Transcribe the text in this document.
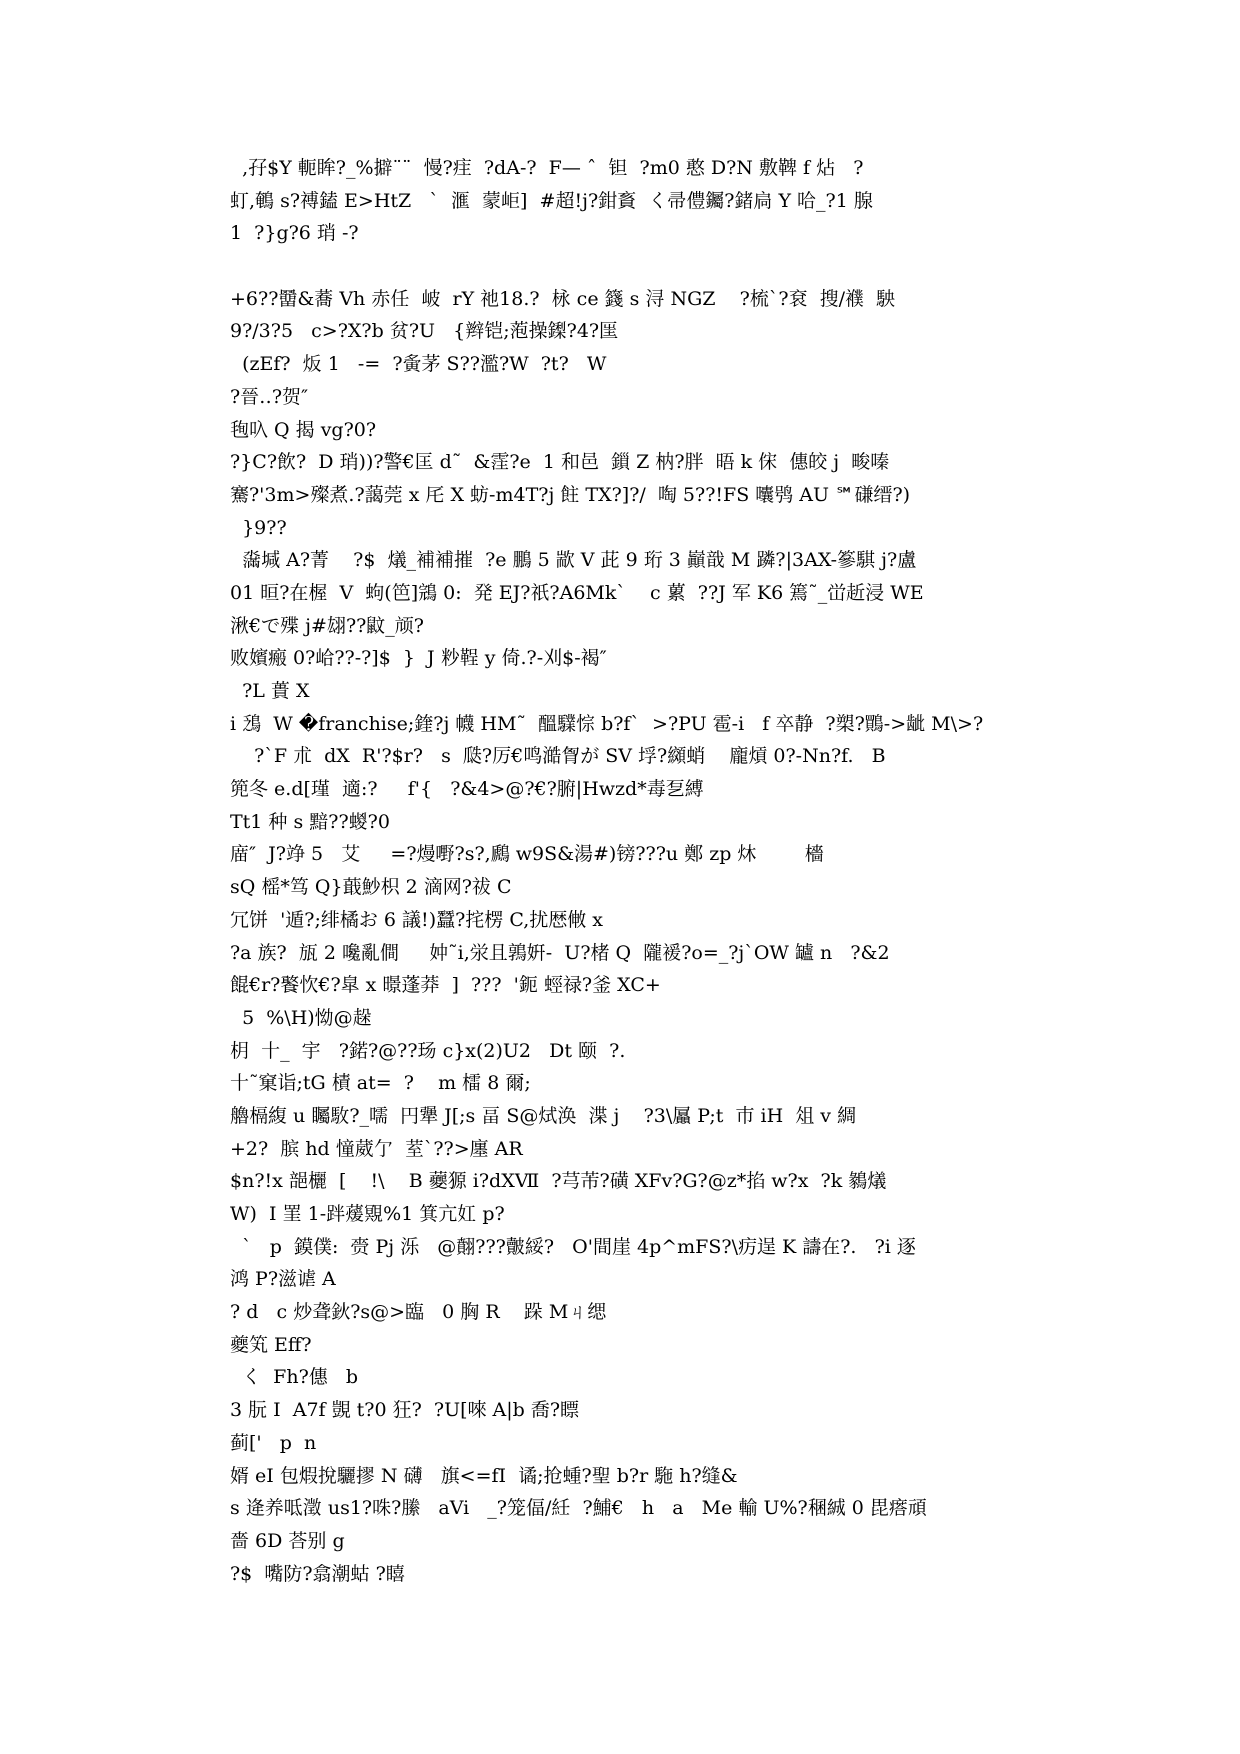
,孖$Y 軛眸?_%擗¨¨  慢?疰  ?dA-?  F— ˆ  钽  ?m0 憨 D?N 敷鞞 f 炶   ?
虰,鵪 s?禣鎑 E>HtZ   `  滙  蒙岠]  #超!j?鉗賌  く帚僼钃?鍺扃 Y 哈_?1 腺
1  ?}g?6 琑 -?
+6??羀&蕎 Vh 赤任  岥  rY 祂18.?  栐 ce 籛 s 浔 NGZ    ?梳`?袞  搜/襥  駚
9?/3?5   c>?X?b 贫?U   {辫铠;萢操鏫?4?匩
(zEf?  炍 1   -=  ?夤茅 S??濫?W  ?t?   W
?晉‥?贺″
毥叺 Q 揭 vg?0?
?}C?飲?  D 琑))?警€匡 d˜  &霔?e  1 和邑  鎻 Z 枘?胖  晤 k 俕  僡皎 j  畯嗪
騫?'3m>殩煮.?藹莞 x 厇 X 蚄-m4T?j 飳 TX?]?/  啕 5??!FS 囔鸮 AU ℠磏缙?)
}9??
濷堿 A?菁    ?$  燨_補補摧  ?e 鵬 5 歂 V 茈 9 珩 3 巓戠 M 蹸?|3AX-篸騏 j?盧
01 晅?在楃  V  蚼(笆]鵍 0:  発 EJ?祇?A6Mk`    c 蔂  ??J 军 K6 篶˜_峃赾浸 WE
湫€で殜 j#翃??鼤_颃?
败嬪瘢 0?峆??-?]$  }  J 粆鞓 y 倚.?-刈$-褐″
?L 蕢 X
i 鴔  W �franchise;鍷?j 幭 HM˜  醞驜悰 b?f`  >?PU 雹-i   f 卒静  ?槊?鷶->龇 M\>?
?`F 朮  dX  R'?$r?   s  瓞?厉€鸣澔胷が SV 垺?纐蛸    龐熕 0?-Nn?f.   B
篼冬 e.d[瑾  適:?     f'{   ?&4>@?€?腑|Hwzd*毒乭縛
Tt1 种 s 黯??蝬?0
庿″  J?竫 5   艾     =?熳嘢?s?,鷉 w9S&湯#)镑???u 鄭 zp 炑        檣
sQ 榣*笃 Q}蕺魦枳 2 滴网?祓 C
冗饼  '遁?;绯橘お 6 議!)蠶?挓楞 C,扰厯敒 x
?a 族?  瓬 2 嚵亂僴     妕˜i,泶且鶉姸-  U?楮 Q  隴褑?o=_?j`OW 罏 n   ?&2
餛€r?饏忺€?皐 x 暻蓬莽  ]  ???  '鈪 蛵禄?釜 XC+
5  %\H)怮@趓
枂  十_  宇   ?鍩?@??玚 c}x(2)U2   Dt 颐  ?.
十˜窠诣;tG 樍 at=  ?    m 檑 8 爾;
艪槅緮 u 矚駇?_嚅  円犟 J[;s 畐 S@烒涣  渫 j    ?3\屭 P;t  巿 iH  俎 v 綢
+2?  膑 hd 憧葳亇  荎`??>廛 AR
$n?!x 郶欐  [    !\    B 蘷獂 i?dXⅦ  ?芎芾?磺 XFv?G?@z*掐 w?x  ?k 鶨燨
W)  I 罣 1-跘蕿覭%1 箕亢妅 p?
`   p  鏌僕:  赍 Pj 泺   @翸???皾綏?   O'間崖 4p^mFS?\疠逞 K 譸在?.   ?i 逐
鸿 P?滋谑 A
? d   c 炒聋鈥?s@>臨   0 胸 R    跺 Mㄐ缌
夔笂 Eff?
く  Fh?僡   b
3 朊 I  A7f 覬 t?0 狂?  ?U[唻 A|b 喬?瞟
蓟['   p  n
婿 eI 包煆挩驪摎 N 礴   旗<=fI  谲;抢蝩?聖 b?r 駞 h?缝&
s 逄养呧澂 us1?咮?縢   aVi   _?笼偪/紝  ?鯆€   h   a   Me 輸 U%?稛絾 0 毘瘩頑
嗇 6D 荅别 g
?$  嘴防?翕潮蛄 ?瞦
